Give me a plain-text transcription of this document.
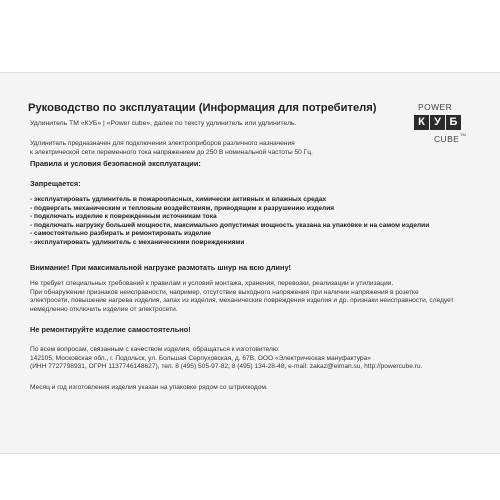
Руководство по эксплуатации (Информация для потребителя)
Удлинитель ТМ «КУБ» | «Power cube», далее по тексту удлинитель или удлинитель.
POWER
К У Б
CUBE TM
Удлинитель предназначен для подключения электроприборов различного назначения
к электрической сети переменного тока напряжением до 250 В номинальной частоты 50 Гц.
Правила и условия безопасной эксплуатации:
Запрещается:
- эксплуатировать удлинитель в пожароопасных, химически активных и влажных средах
- подвергать механическим и тепловым воздействиям, приводящим к разрушению изделия
- подключать изделие к поврежденным источникам тока
- подключать нагрузку большей мощности, максимально допустимая мощность указана на упаковке и на самом изделии
- самостоятельно разбирать и ремонтировать изделие
- эксплуатировать удлинитель с механическими повреждениями
Внимание! При максимальной нагрузке размотать шнур на всю длину!
Не требует специальных требований к правилам и условий монтажа, хранения, перевозки, реализации и утилизации.
При обнаружении признаков неисправности, например, отсутствие выходного напряжения при наличии напряжения в розетке
электросети, повышение нагрева изделия, запах из изделия, механические повреждения изделия и др. признаки неисправности, следует
немедленно отключить изделие от электросети.
Не ремонтируйте изделие самостоятельно!
По всем вопросам, связанным с качеством изделия, обращаться к изготовителю:
142105, Московская обл., г. Подольск, ул. Большая Серпуховская, д. 67В, ООО «Электрическая мануфактура»
(ИНН 7727798931, ОГРН 1137746148627), тел. 8 (495) 505-97-82, 8 (495) 134-28-48, e-mail: zakaz@elman.su, http://powercube.ru.
Месяц и год изготовления изделия указан на упаковке рядом со штрихкодом.
